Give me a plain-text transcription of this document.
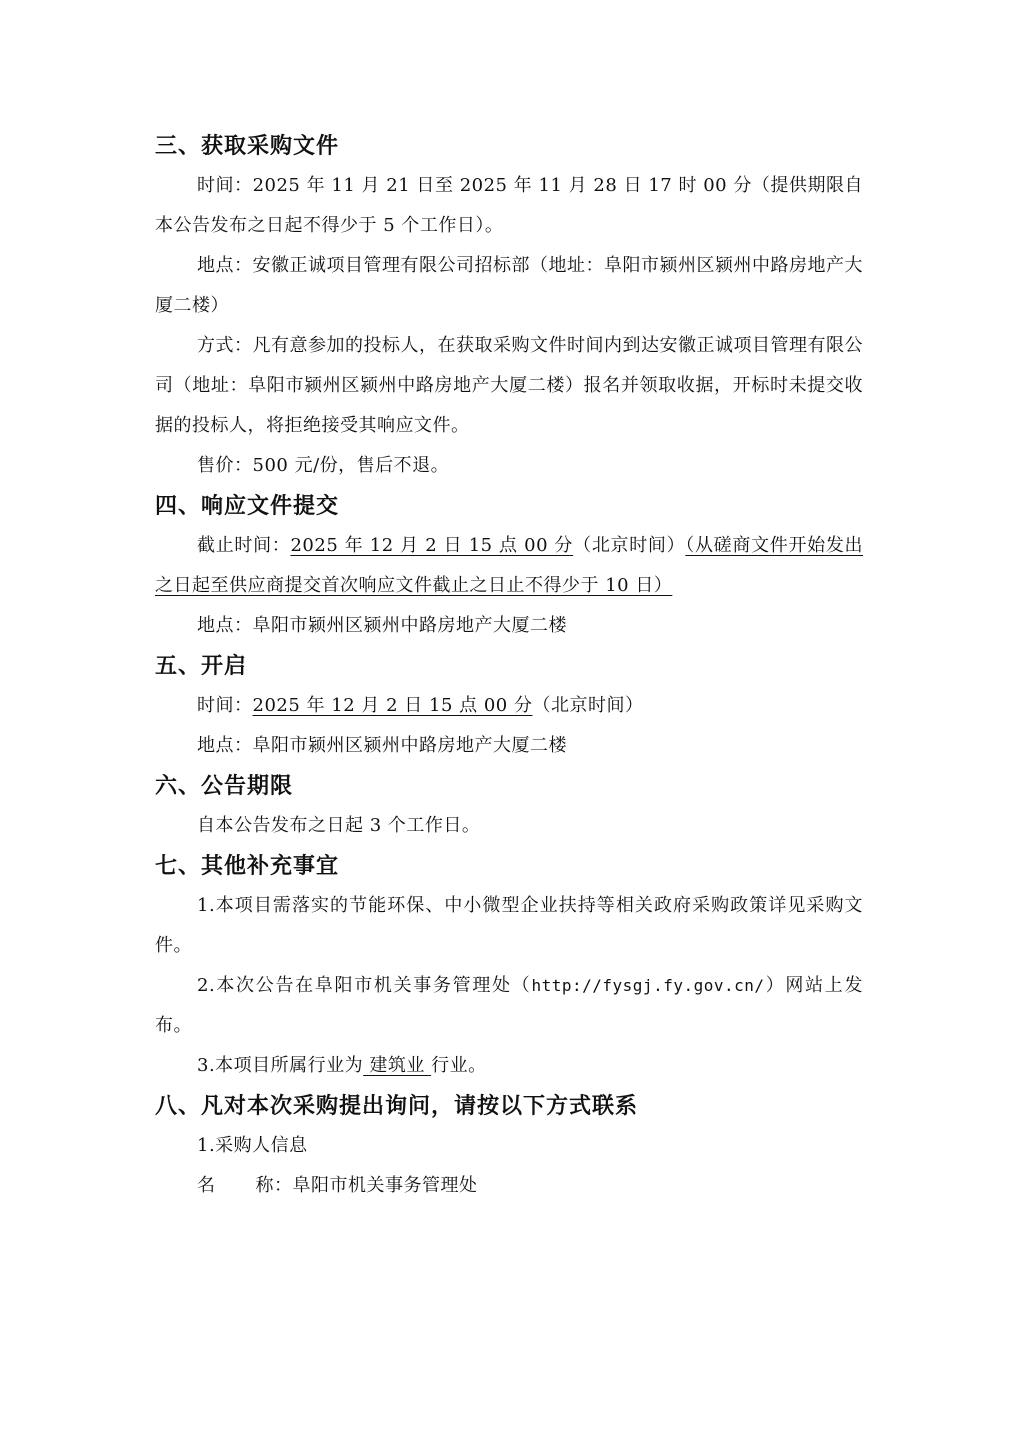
三、获取采购文件

时间：2025 年 11 月 21 日至 2025 年 11 月 28 日 17 时 00 分（提供期限自本公告发布之日起不得少于 5 个工作日）。

地点：安徽正诚项目管理有限公司招标部（地址：阜阳市颍州区颍州中路房地产大厦二楼）

方式：凡有意参加的投标人，在获取采购文件时间内到达安徽正诚项目管理有限公司（地址：阜阳市颍州区颍州中路房地产大厦二楼）报名并领取收据，开标时未提交收据的投标人，将拒绝接受其响应文件。

售价：500 元/份，售后不退。

四、响应文件提交

截止时间：2025 年 12 月 2 日 15 点 00 分（北京时间）（从磋商文件开始发出之日起至供应商提交首次响应文件截止之日止不得少于 10 日）

地点：阜阳市颍州区颍州中路房地产大厦二楼

五、开启

时间：2025 年 12 月 2 日 15 点 00 分（北京时间）

地点：阜阳市颍州区颍州中路房地产大厦二楼

六、公告期限

自本公告发布之日起 3 个工作日。

七、其他补充事宜

1.本项目需落实的节能环保、中小微型企业扶持等相关政府采购政策详见采购文件。

2.本次公告在阜阳市机关事务管理处（http://fysgj.fy.gov.cn/）网站上发布。

3.本项目所属行业为 建筑业 行业。

八、凡对本次采购提出询问，请按以下方式联系

1.采购人信息

名 称：阜阳市机关事务管理处
